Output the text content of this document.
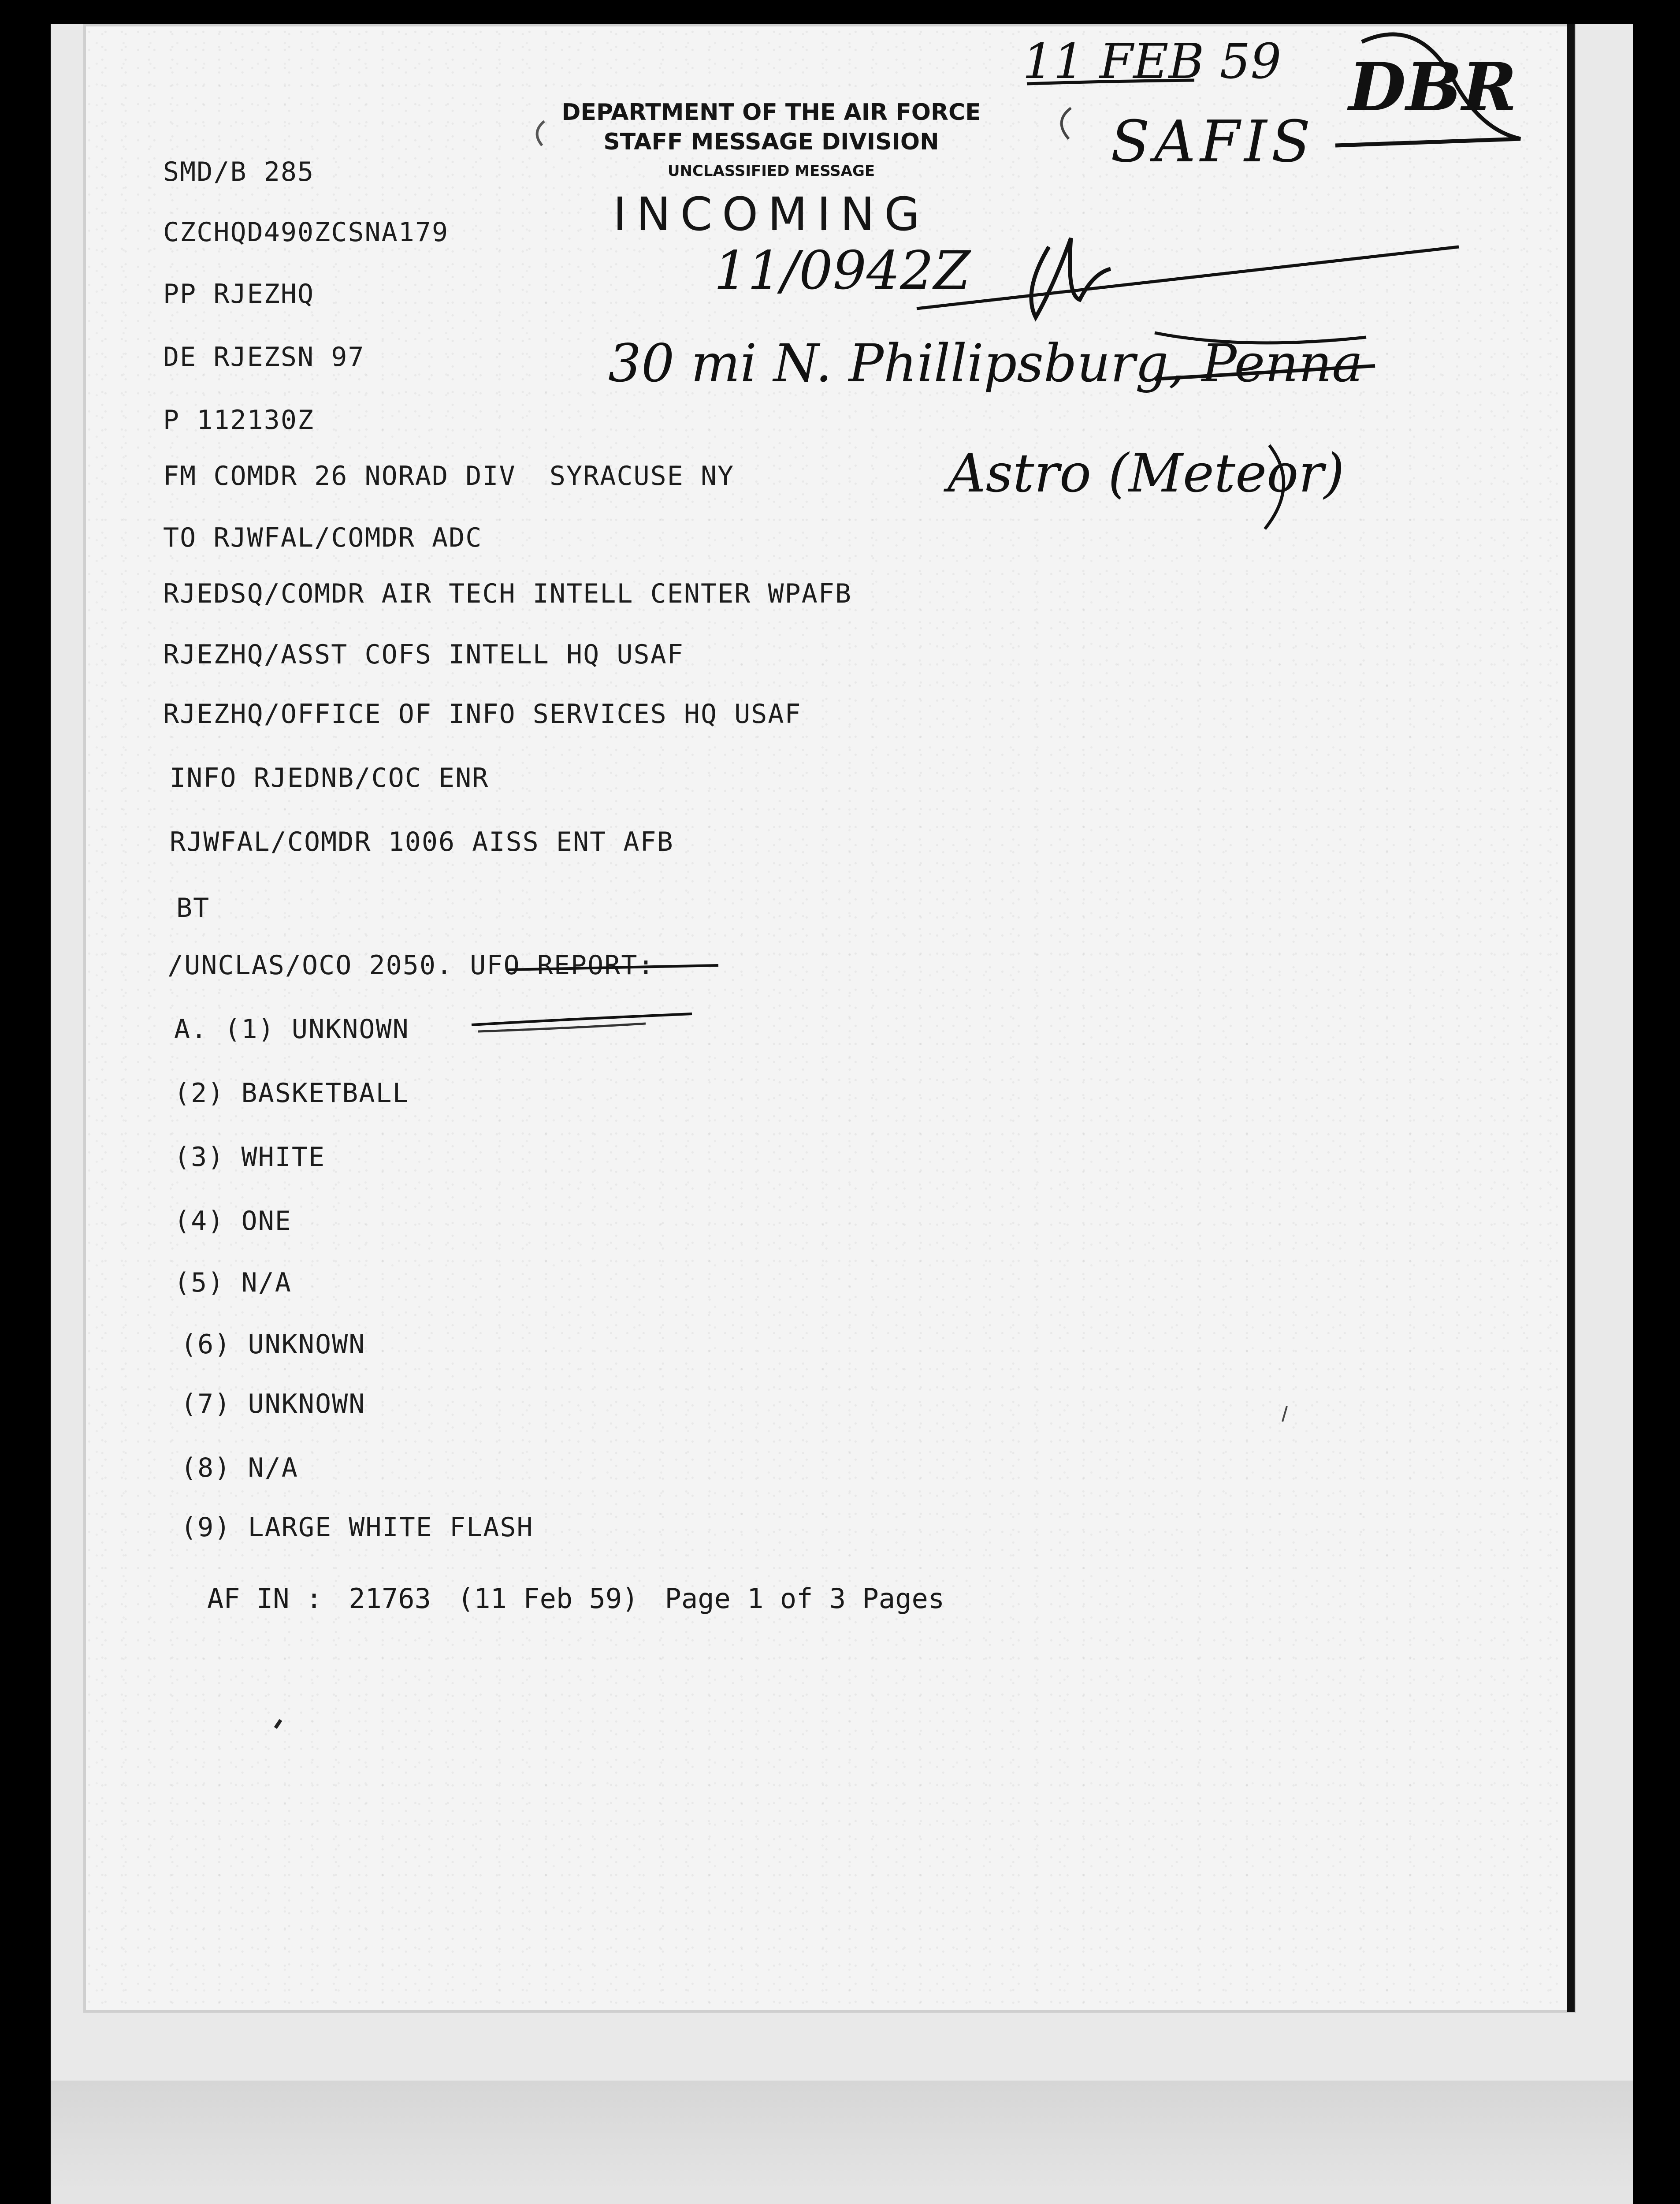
DEPARTMENT OF THE AIR FORCE
STAFF MESSAGE DIVISION
UNCLASSIFIED MESSAGE
INCOMING
SMD/B 285
CZCHQD490ZCSNA179
PP RJEZHQ
DE RJEZSN 97
P 112130Z
FM COMDR 26 NORAD DIV  SYRACUSE NY
TO RJWFAL/COMDR ADC
RJEDSQ/COMDR AIR TECH INTELL CENTER WPAFB
RJEZHQ/ASST COFS INTELL HQ USAF
RJEZHQ/OFFICE OF INFO SERVICES HQ USAF
INFO RJEDNB/COC ENR
RJWFAL/COMDR 1006 AISS ENT AFB
BT
/UNCLAS/OCO 2050. UFO REPORT:
A. (1) UNKNOWN
(2) BASKETBALL
(3) WHITE
(4) ONE
(5) N/A
(6) UNKNOWN
(7) UNKNOWN
(8) N/A
(9) LARGE WHITE FLASH
AF IN : 21763 (11 Feb 59) Page 1 of 3 Pages
11 FEB 59
SAFIS
DBR
11/0942Z
30 mi N. Phillipsburg, Penna
Astro (Meteor)
